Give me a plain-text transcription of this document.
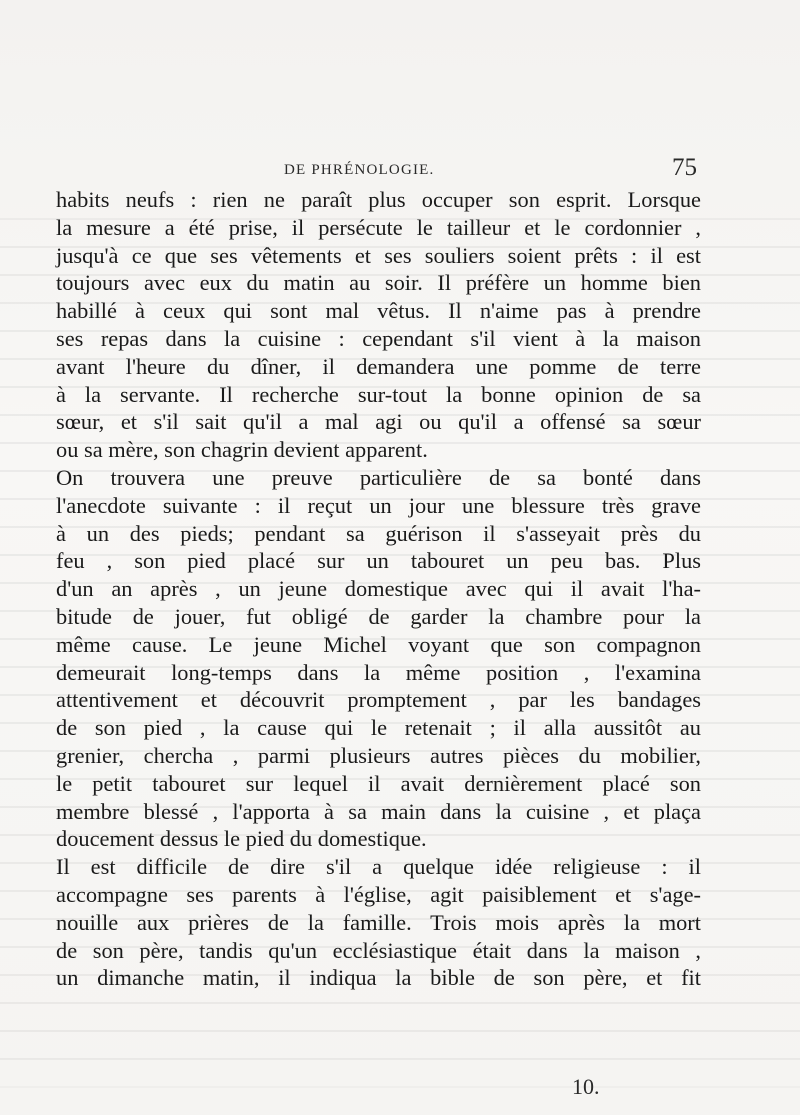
DE PHRÉNOLOGIE.	75
habits neufs : rien ne paraît plus occuper son esprit. Lorsque
la mesure a été prise, il persécute le tailleur et le cordonnier ,
jusqu'à ce que ses vêtements et ses souliers soient prêts : il est
toujours avec eux du matin au soir. Il préfère un homme bien
habillé à ceux qui sont mal vêtus. Il n'aime pas à prendre
ses repas dans la cuisine : cependant s'il vient à la maison
avant l'heure du dîner, il demandera une pomme de terre
à la servante. Il recherche sur-tout la bonne opinion de sa
sœur, et s'il sait qu'il a mal agi ou qu'il a offensé sa sœur
ou sa mère, son chagrin devient apparent.
On trouvera une preuve particulière de sa bonté dans
l'anecdote suivante : il reçut un jour une blessure très grave
à un des pieds; pendant sa guérison il s'asseyait près du
feu , son pied placé sur un tabouret un peu bas. Plus
d'un an après , un jeune domestique avec qui il avait l'ha-
bitude de jouer, fut obligé de garder la chambre pour la
même cause. Le jeune Michel voyant que son compagnon
demeurait long-temps dans la même position , l'examina
attentivement et découvrit promptement , par les bandages
de son pied , la cause qui le retenait ; il alla aussitôt au
grenier, chercha , parmi plusieurs autres pièces du mobilier,
le petit tabouret sur lequel il avait dernièrement placé son
membre blessé , l'apporta à sa main dans la cuisine , et plaça
doucement dessus le pied du domestique.
Il est difficile de dire s'il a quelque idée religieuse : il
accompagne ses parents à l'église, agit paisiblement et s'age-
nouille aux prières de la famille. Trois mois après la mort
de son père, tandis qu'un ecclésiastique était dans la maison ,
un dimanche matin, il indiqua la bible de son père, et fit
10.
